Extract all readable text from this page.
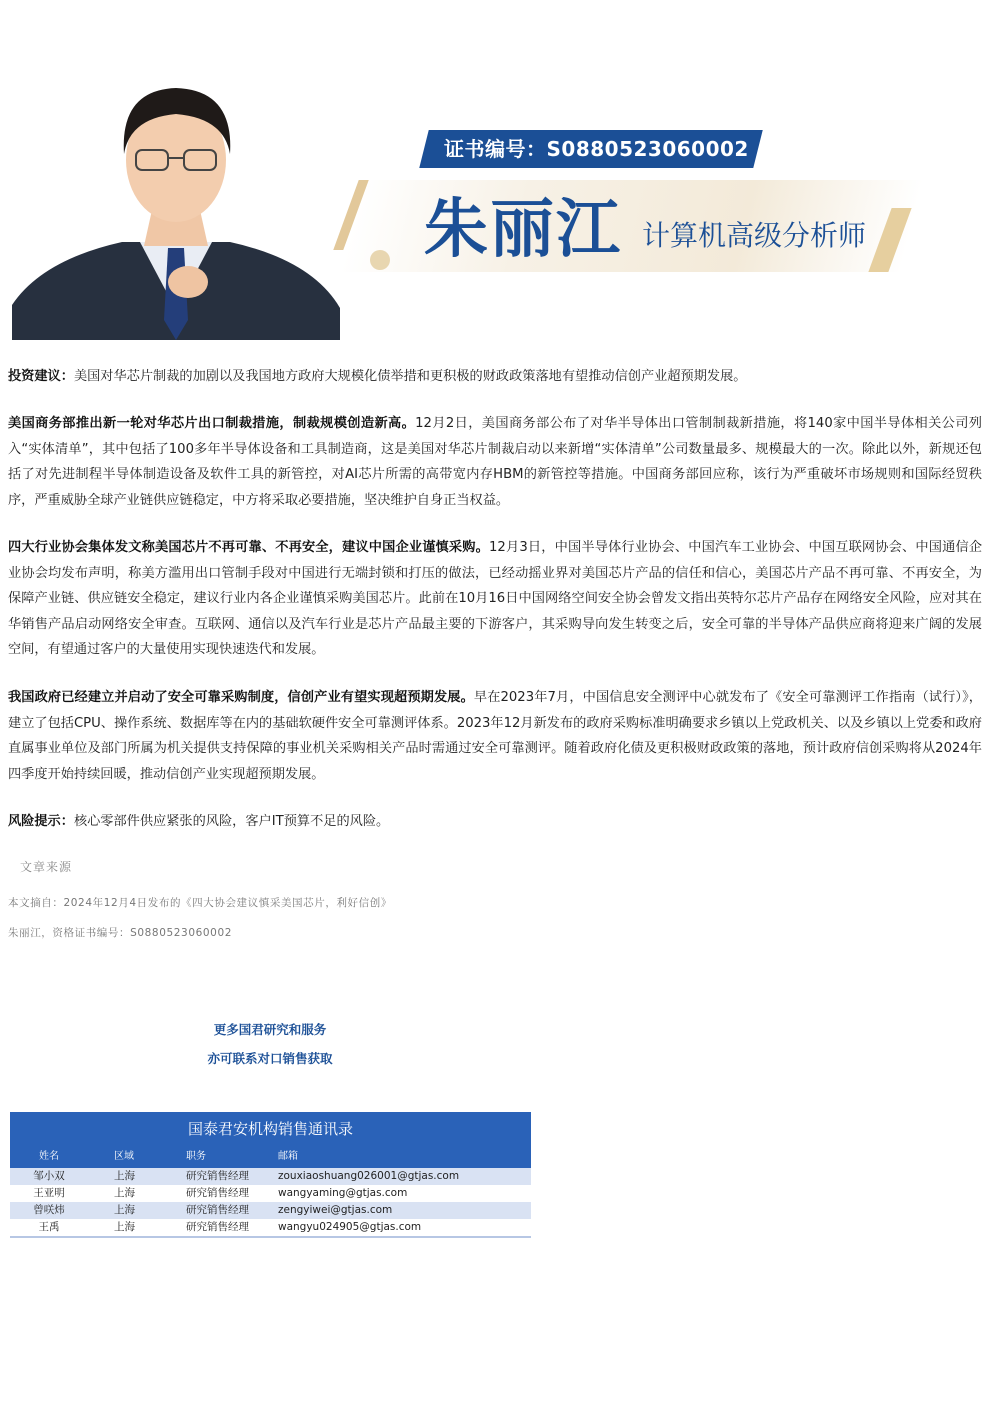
证书编号：S0880523060002
朱丽江 计算机高级分析师
投资建议：美国对华芯片制裁的加剧以及我国地方政府大规模化债举措和更积极的财政政策落地有望推动信创产业超预期发展。
美国商务部推出新一轮对华芯片出口制裁措施，制裁规模创造新高。12月2日，美国商务部公布了对华半导体出口管制制裁新措施，将140家中国半导体相关公司列入“实体清单”，其中包括了100多年半导体设备和工具制造商，这是美国对华芯片制裁启动以来新增“实体清单”公司数量最多、规模最大的一次。除此以外，新规还包括了对先进制程半导体制造设备及软件工具的新管控，对AI芯片所需的高带宽内存HBM的新管控等措施。中国商务部回应称，该行为严重破坏市场规则和国际经贸秩序，严重威胁全球产业链供应链稳定，中方将采取必要措施，坚决维护自身正当权益。
四大行业协会集体发文称美国芯片不再可靠、不再安全，建议中国企业谨慎采购。12月3日，中国半导体行业协会、中国汽车工业协会、中国互联网协会、中国通信企业协会均发布声明，称美方滥用出口管制手段对中国进行无端封锁和打压的做法，已经动摇业界对美国芯片产品的信任和信心，美国芯片产品不再可靠、不再安全，为保障产业链、供应链安全稳定，建议行业内各企业谨慎采购美国芯片。此前在10月16日中国网络空间安全协会曾发文指出英特尔芯片产品存在网络安全风险，应对其在华销售产品启动网络安全审查。互联网、通信以及汽车行业是芯片产品最主要的下游客户，其采购导向发生转变之后，安全可靠的半导体产品供应商将迎来广阔的发展空间，有望通过客户的大量使用实现快速迭代和发展。
我国政府已经建立并启动了安全可靠采购制度，信创产业有望实现超预期发展。早在2023年7月，中国信息安全测评中心就发布了《安全可靠测评工作指南（试行）》，建立了包括CPU、操作系统、数据库等在内的基础软硬件安全可靠测评体系。2023年12月新发布的政府采购标准明确要求乡镇以上党政机关、以及乡镇以上党委和政府直属事业单位及部门所属为机关提供支持保障的事业机关采购相关产品时需通过安全可靠测评。随着政府化债及更积极财政政策的落地，预计政府信创采购将从2024年四季度开始持续回暖，推动信创产业实现超预期发展。
风险提示：核心零部件供应紧张的风险，客户IT预算不足的风险。
文章来源
本文摘自：2024年12月4日发布的《四大协会建议慎采美国芯片，利好信创》
朱丽江，资格证书编号：S0880523060002
更多国君研究和服务
亦可联系对口销售获取
国泰君安机构销售通讯录
姓名	区域	职务	邮箱
邹小双	上海	研究销售经理	zouxiaoshuang026001@gtjas.com
王亚明	上海	研究销售经理	wangyaming@gtjas.com
曾咲炜	上海	研究销售经理	zengyiwei@gtjas.com
王禹	上海	研究销售经理	wangyu024905@gtjas.com
